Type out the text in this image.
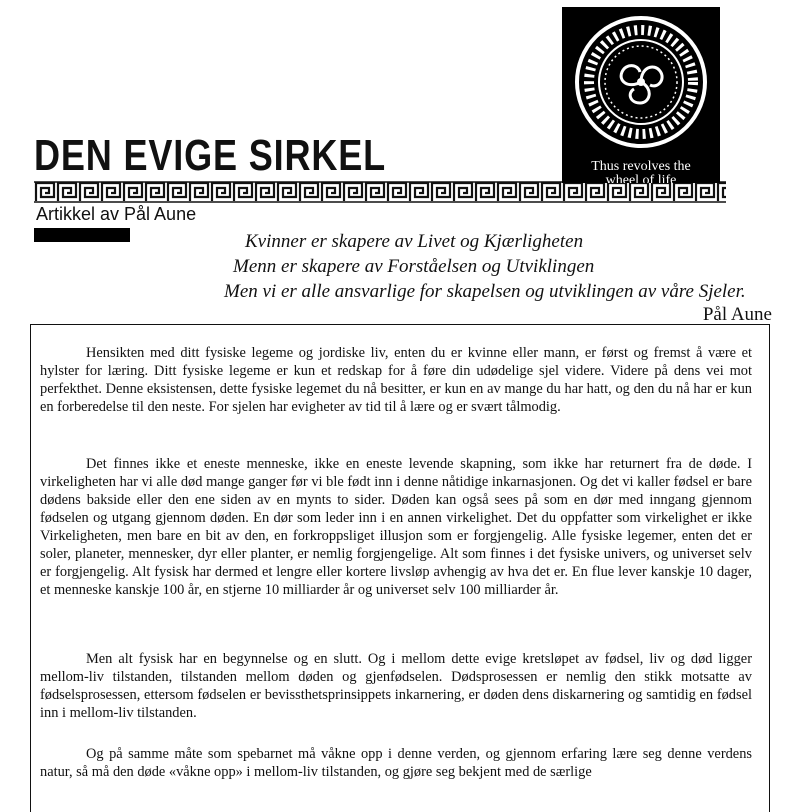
DEN EVIGE SIRKEL	Thus revolves the
wheel of life
Artikkel av Pål Aune
Kvinner er skapere av Livet og Kjærligheten
Menn er skapere av Forståelsen og Utviklingen
Men vi er alle ansvarlige for skapelsen og utviklingen av våre Sjeler.
Pål Aune

Hensikten med ditt fysiske legeme og jordiske liv, enten du er kvinne eller mann, er først og fremst å være et hylster for læring. Ditt fysiske legeme er kun et redskap for å føre din udødelige sjel videre. Videre på dens vei mot perfekthet. Denne eksistensen, dette fysiske legemet du nå besitter, er kun en av mange du har hatt, og den du nå har er kun en forberedelse til den neste. For sjelen har evigheter av tid til å lære og er svært tålmodig.

Det finnes ikke et eneste menneske, ikke en eneste levende skapning, som ikke har returnert fra de døde. I virkeligheten har vi alle død mange ganger før vi ble født inn i denne nåtidige inkarnasjonen. Og det vi kaller fødsel er bare dødens bakside eller den ene siden av en mynts to sider. Døden kan også sees på som en dør med inngang gjennom fødselen og utgang gjennom døden. En dør som leder inn i en annen virkelighet. Det du oppfatter som virkelighet er ikke Virkeligheten, men bare en bit av den, en forkroppsliget illusjon som er forgjengelig. Alle fysiske legemer, enten det er soler, planeter, mennesker, dyr eller planter, er nemlig forgjengelige. Alt som finnes i det fysiske univers, og universet selv er forgjengelig. Alt fysisk har dermed et lengre eller kortere livsløp avhengig av hva det er. En flue lever kanskje 10 dager, et menneske kanskje 100 år, en stjerne 10 milliarder år og universet selv 100 milliarder år.

Men alt fysisk har en begynnelse og en slutt. Og i mellom dette evige kretsløpet av fødsel, liv og død ligger mellom-liv tilstanden, tilstanden mellom døden og gjenfødselen. Dødsprosessen er nemlig den stikk motsatte av fødselsprosessen, ettersom fødselen er bevissthetsprinsippets inkarnering, er døden dens diskarnering og samtidig en fødsel inn i mellom-liv tilstanden.

Og på samme måte som spebarnet må våkne opp i denne verden, og gjennom erfaring lære seg denne verdens natur, så må den døde «våkne opp» i mellom-liv tilstanden, og gjøre seg bekjent med de særlige
